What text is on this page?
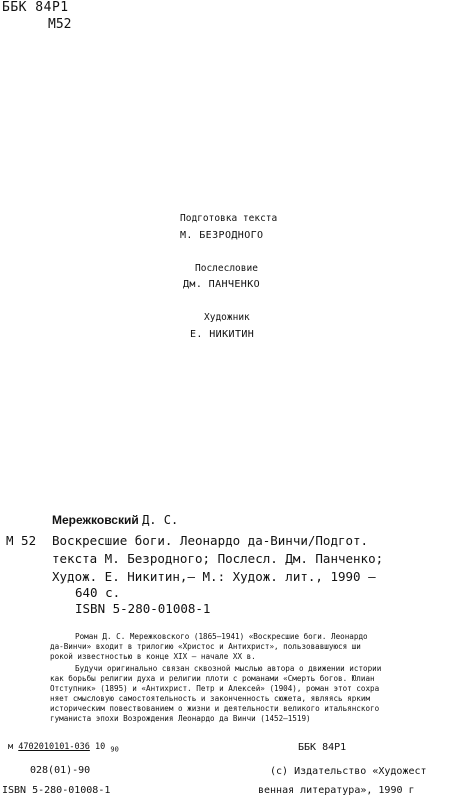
ББК 84Р1
М52
Подготовка текста
М. БЕЗРОДНОГО
Послесловие
Дм. ПАНЧЕНКО
Художник
Е. НИКИТИН
Мережковский Д. С.
М 52 Воскресшие боги. Леонардо да-Винчи/Подгот.
текста М. Безродного; Послесл. Дм. Панченко;
Худож. Е. Никитин,— М.: Худож. лит., 1990 —
640 с.
ISBN 5-280-01008-1
Роман Д. С. Мережковского (1865—1941) «Воскресшие боги. Леонардо
да-Винчи» входит в трилогию «Христос и Антихрист», пользовавшуюся ши
рокой известностью в конце XIX — начале XX в.
Будучи оригинально связан сквозной мыслью автора о движении истории
как борьбы религии духа и религии плоти с романами «Смерть богов. Юлиан
Отступник» (1895) и «Антихрист. Петр и Алексей» (1904), роман этот сохра
няет смысловую самостоятельность и законченность сюжета, являясь ярким
историческим повествованием о жизни и деятельности великого итальянского
гуманиста эпохи Возрождения Леонардо да Винчи (1452—1519)
м 4702010101-036 10 $_{90}$	ББК 84Р1
028(01)-90	(с) Издательство «Художест
ISBN 5-280-01008-1	венная литература», 1990 г
